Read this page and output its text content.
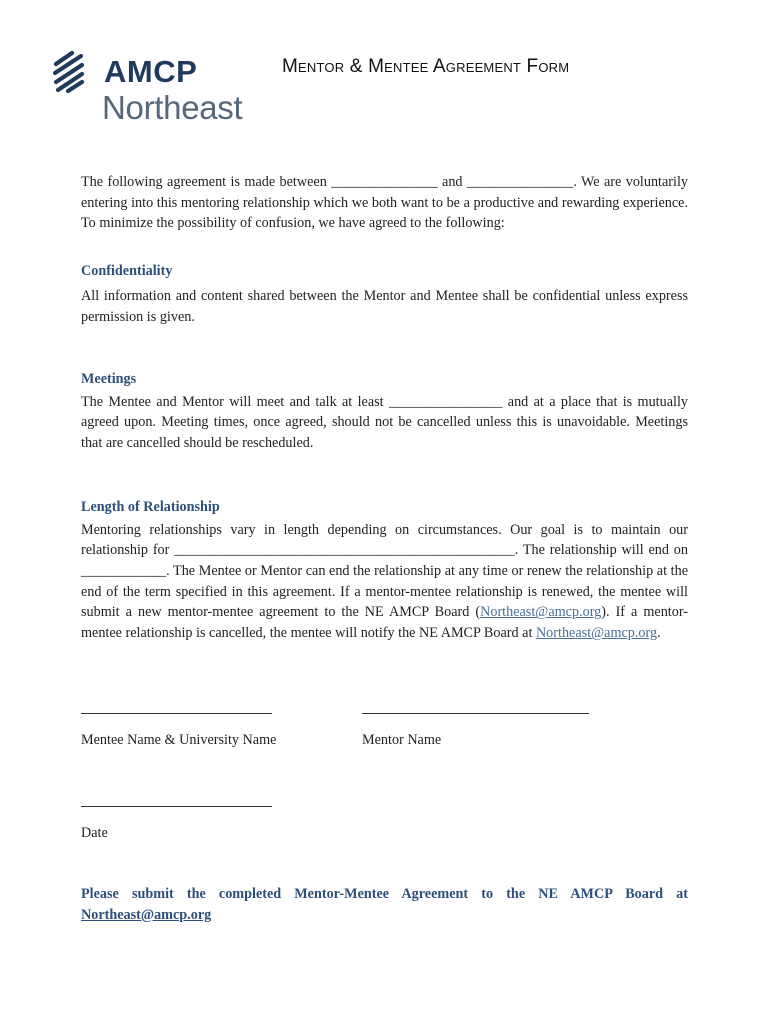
AMCP
Northeast
Mentor & Mentee Agreement Form

The following agreement is made between _______________ and _______________. We are voluntarily entering into this mentoring relationship which we both want to be a productive and rewarding experience. To minimize the possibility of confusion, we have agreed to the following:

Confidentiality

All information and content shared between the Mentor and Mentee shall be confidential unless express permission is given.

Meetings

The Mentee and Mentor will meet and talk at least ________________ and at a place that is mutually agreed upon. Meeting times, once agreed, should not be cancelled unless this is unavoidable. Meetings that are cancelled should be rescheduled.

Length of Relationship

Mentoring relationships vary in length depending on circumstances. Our goal is to maintain our relationship for ________________________________________________. The relationship will end on ____________. The Mentee or Mentor can end the relationship at any time or renew the relationship at the end of the term specified in this agreement. If a mentor-mentee relationship is renewed, the mentee will submit a new mentor-mentee agreement to the NE AMCP Board (Northeast@amcp.org). If a mentor-mentee relationship is cancelled, the mentee will notify the NE AMCP Board at Northeast@amcp.org.

Mentee Name & University Name	Mentor Name
Date
Please submit the completed Mentor-Mentee Agreement to the NE AMCP Board at Northeast@amcp.org
